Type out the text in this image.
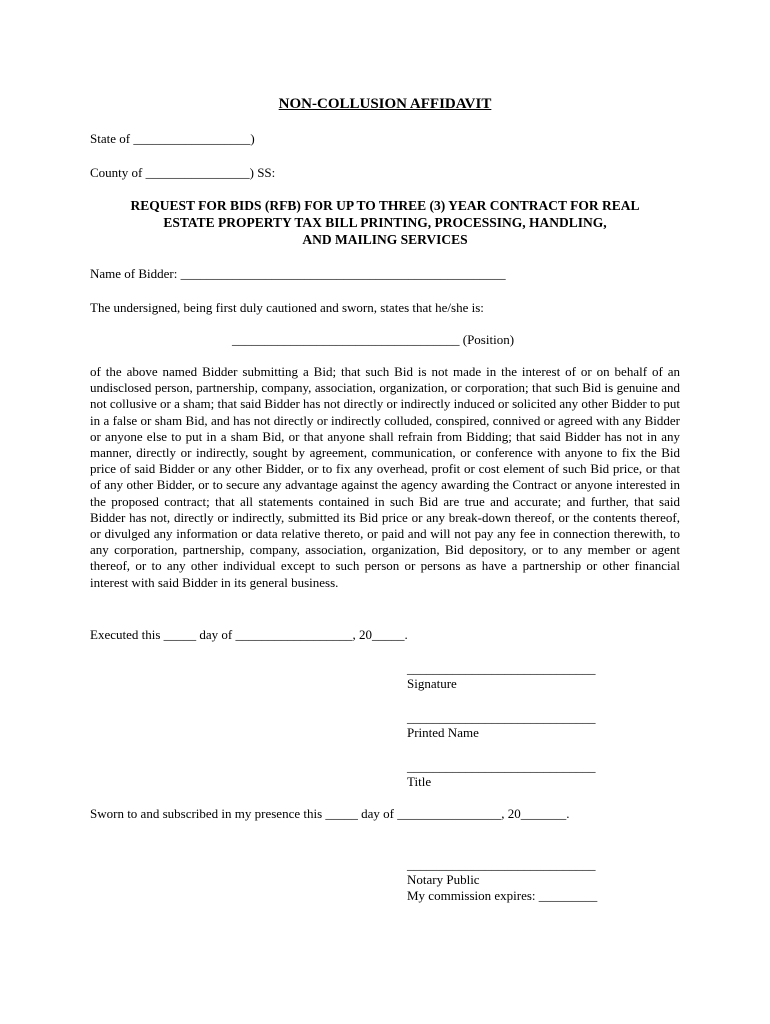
NON-COLLUSION AFFIDAVIT
State of __________________)
County of ________________) SS:
REQUEST FOR BIDS (RFB) FOR UP TO THREE (3) YEAR CONTRACT FOR REAL
ESTATE PROPERTY TAX BILL PRINTING, PROCESSING, HANDLING,
AND MAILING SERVICES
Name of Bidder: __________________________________________________
The undersigned, being first duly cautioned and sworn, states that he/she is:
___________________________________ (Position)
of the above named Bidder submitting a Bid; that such Bid is not made in the interest of or on behalf of an undisclosed person, partnership, company, association, organization, or corporation; that such Bid is genuine and not collusive or a sham; that said Bidder has not directly or indirectly induced or solicited any other Bidder to put in a false or sham Bid, and has not directly or indirectly colluded, conspired, connived or agreed with any Bidder or anyone else to put in a sham Bid, or that anyone shall refrain from Bidding; that said Bidder has not in any manner, directly or indirectly, sought by agreement, communication, or conference with anyone to fix the Bid price of said Bidder or any other Bidder, or to fix any overhead, profit or cost element of such Bid price, or that of any other Bidder, or to secure any advantage against the agency awarding the Contract or anyone interested in the proposed contract; that all statements contained in such Bid are true and accurate; and further, that said Bidder has not, directly or indirectly, submitted its Bid price or any break-down thereof, or the contents thereof, or divulged any information or data relative thereto, or paid and will not pay any fee in connection therewith, to any corporation, partnership, company, association, organization, Bid depository, or to any member or agent thereof, or to any other individual except to such person or persons as have a partnership or other financial interest with said Bidder in its general business.
Executed this _____ day of __________________, 20_____.
_____________________________
Signature
_____________________________
Printed Name
_____________________________
Title
Sworn to and subscribed in my presence this _____ day of ________________, 20_______.
_____________________________
Notary Public
My commission expires: _________
